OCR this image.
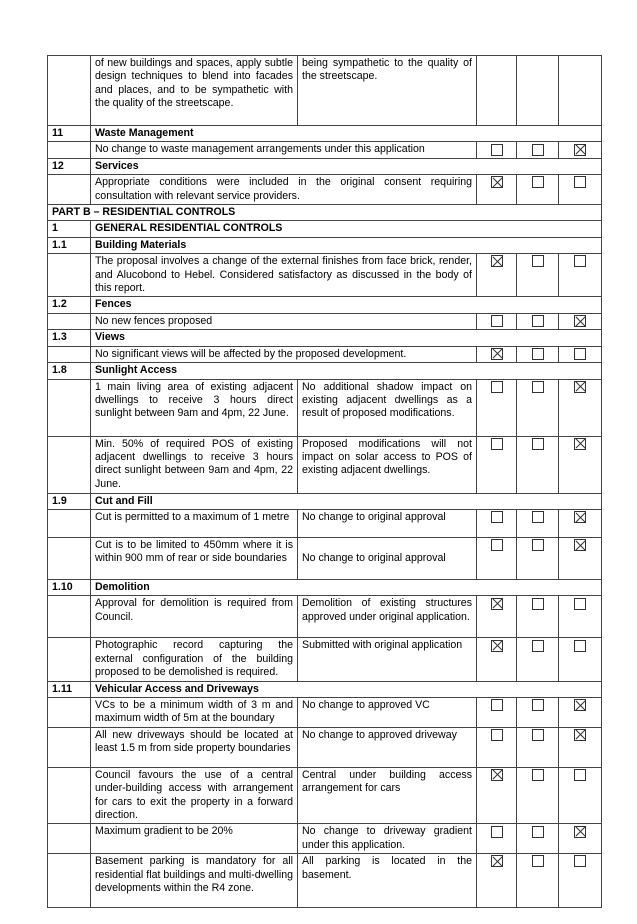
	of new buildings and spaces, apply subtle design techniques to blend into facades and places, and to be sympathetic with the quality of the streetscape.	being sympathetic to the quality of the streetscape.			
11	Waste Management				
	No change to waste management arrangements under this application				
12	Services				
	Appropriate conditions were included in the original consent requiring consultation with relevant service providers.				
PART B – RESIDENTIAL CONTROLS					
1	GENERAL RESIDENTIAL CONTROLS				
1.1	Building Materials				
	The proposal involves a change of the external finishes from face brick, render, and Alucobond to Hebel. Considered satisfactory as discussed in the body of this report.				
1.2	Fences				
	No new fences proposed				
1.3	Views				
	No significant views will be affected by the proposed development.				
1.8	Sunlight Access				
	1 main living area of existing adjacent dwellings to receive 3 hours direct sunlight between 9am and 4pm, 22 June.	No additional shadow impact on existing adjacent dwellings as a result of proposed modifications.			
	Min. 50% of required POS of existing adjacent dwellings to receive 3 hours direct sunlight between 9am and 4pm, 22 June.	Proposed modifications will not impact on solar access to POS of existing adjacent dwellings.			
1.9	Cut and Fill				
	Cut is permitted to a maximum of 1 metre	No change to original approval			
	Cut is to be limited to 450mm where it is within 900 mm of rear or side boundaries	No change to original approval			
1.10	Demolition				
	Approval for demolition is required from Council.	Demolition of existing structures approved under original application.			
	Photographic record capturing the external configuration of the building proposed to be demolished is required.	Submitted with original application			
1.11	Vehicular Access and Driveways				
	VCs to be a minimum width of 3 m and maximum width of 5m at the boundary	No change to approved VC			
	All new driveways should be located at least 1.5 m from side property boundaries	No change to approved driveway			
	Council favours the use of a central under-building access with arrangement for cars to exit the property in a forward direction.	Central under building access arrangement for cars			
	Maximum gradient to be 20%	No change to driveway gradient under this application.			
	Basement parking is mandatory for all residential flat buildings and multi-dwelling developments within the R4 zone.	All parking is located in the basement.			
